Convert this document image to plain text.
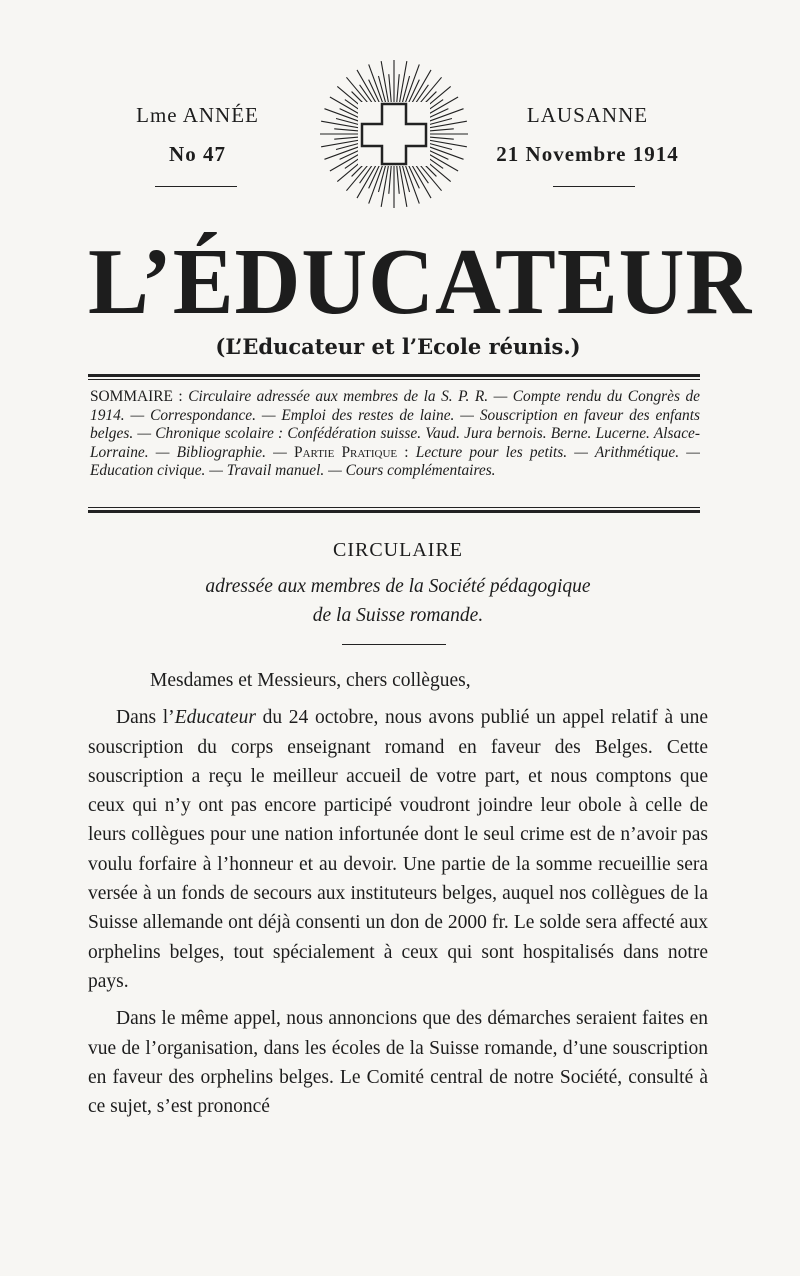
Lme ANNÉE
No 47
LAUSANNE
21 Novembre 1914
L’ÉDUCATEUR
(L’Educateur et l’Ecole réunis.)
SOMMAIRE : Circulaire adressée aux membres de la S. P. R. — Compte rendu du Congrès de 1914. — Correspondance. — Emploi des restes de laine. — Souscription en faveur des enfants belges. — Chronique scolaire : Confédération suisse. Vaud. Jura bernois. Berne. Lucerne. Alsace-Lorraine. — Bibliographie. — Partie Pratique : Lecture pour les petits. — Arithmétique. — Education civique. — Travail manuel. — Cours complémentaires.
CIRCULAIRE
adressée aux membres de la Société pédagogique
de la Suisse romande.

Mesdames et Messieurs, chers collègues,

Dans l’Educateur du 24 octobre, nous avons publié un appel relatif à une souscription du corps enseignant romand en faveur des Belges. Cette souscription a reçu le meilleur accueil de votre part, et nous comptons que ceux qui n’y ont pas encore participé voudront joindre leur obole à celle de leurs collègues pour une nation infortunée dont le seul crime est de n’avoir pas voulu forfaire à l’honneur et au devoir. Une partie de la somme recueillie sera versée à un fonds de secours aux instituteurs belges, auquel nos collègues de la Suisse allemande ont déjà consenti un don de 2000 fr. Le solde sera affecté aux orphelins belges, tout spécialement à ceux qui sont hospitalisés dans notre pays.

Dans le même appel, nous annoncions que des démarches seraient faites en vue de l’organisation, dans les écoles de la Suisse romande, d’une souscription en faveur des orphelins belges. Le Comité central de notre Société, consulté à ce sujet, s’est prononcé
